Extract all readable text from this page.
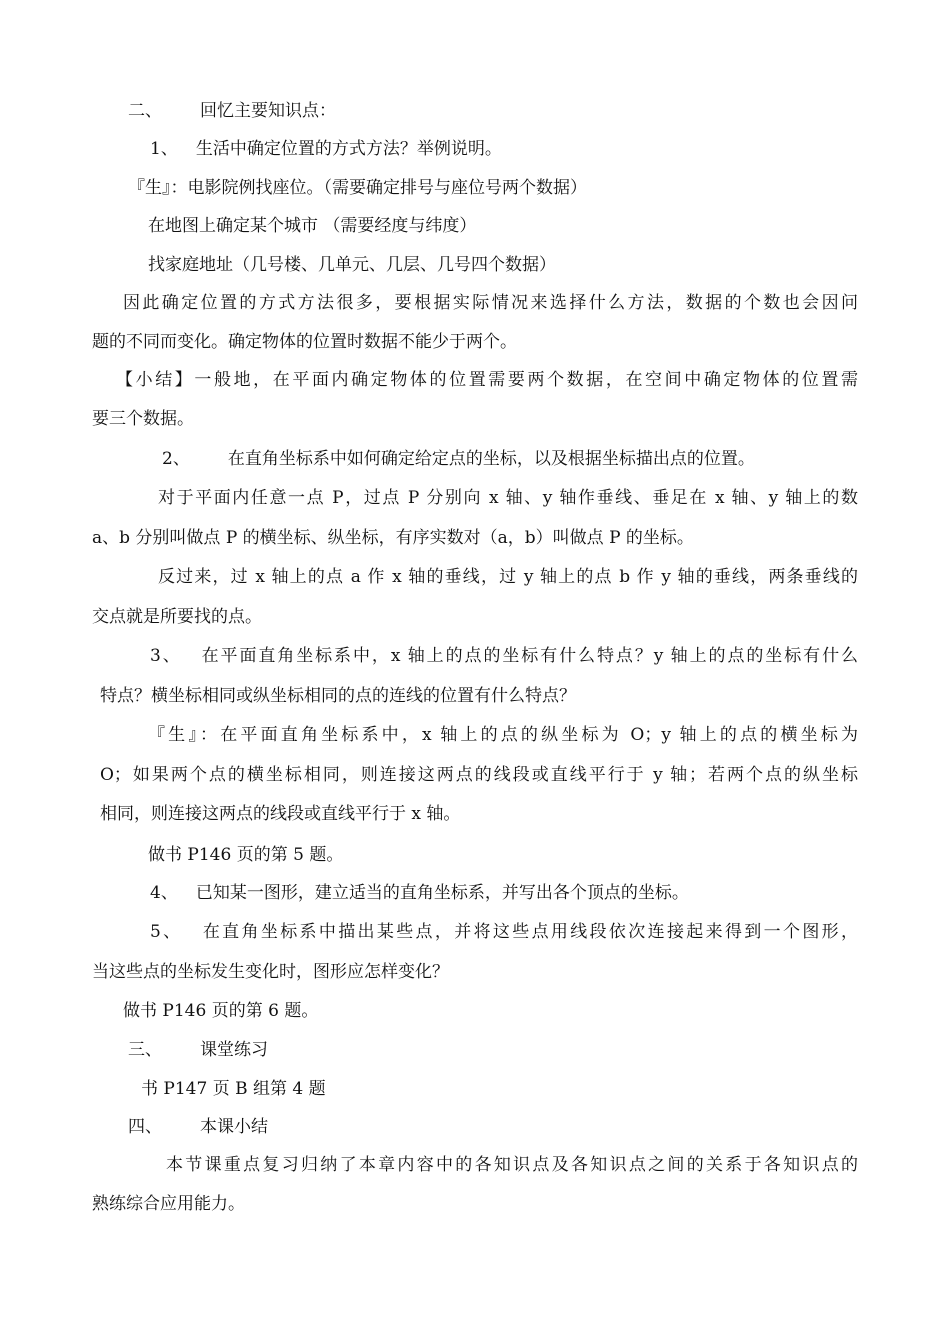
二、 回忆主要知识点：
1、 生活中确定位置的方式方法？举例说明。
『生』：电影院例找座位。（需要确定排号与座位号两个数据）
在地图上确定某个城市 （需要经度与纬度）
找家庭地址（几号楼、几单元、几层、几号四个数据）
因此确定位置的方式方法很多，要根据实际情况来选择什么方法，数据的个数也会因问
题的不同而变化。确定物体的位置时数据不能少于两个。
【小结】一般地，在平面内确定物体的位置需要两个数据，在空间中确定物体的位置需
要三个数据。
2、 在直角坐标系中如何确定给定点的坐标，以及根据坐标描出点的位置。
对于平面内任意一点 P，过点 P 分别向 x 轴、y 轴作垂线、垂足在 x 轴、y 轴上的数
a、b 分别叫做点 P 的横坐标、纵坐标，有序实数对（a，b）叫做点 P 的坐标。
反过来，过 x 轴上的点 a 作 x 轴的垂线，过 y 轴上的点 b 作 y 轴的垂线，两条垂线的
交点就是所要找的点。
3、 在平面直角坐标系中，x 轴上的点的坐标有什么特点？y 轴上的点的坐标有什么
特点？横坐标相同或纵坐标相同的点的连线的位置有什么特点？
『生』：在平面直角坐标系中，x 轴上的点的纵坐标为 O；y 轴上的点的横坐标为
O；如果两个点的横坐标相同，则连接这两点的线段或直线平行于 y 轴；若两个点的纵坐标
相同，则连接这两点的线段或直线平行于 x 轴。
做书 P146 页的第 5 题。
4、 已知某一图形，建立适当的直角坐标系，并写出各个顶点的坐标。
5、 在直角坐标系中描出某些点，并将这些点用线段依次连接起来得到一个图形，
当这些点的坐标发生变化时，图形应怎样变化？
做书 P146 页的第 6 题。
三、 课堂练习
书 P147 页 B 组第 4 题
四、 本课小结
本节课重点复习归纳了本章内容中的各知识点及各知识点之间的关系于各知识点的
熟练综合应用能力。
